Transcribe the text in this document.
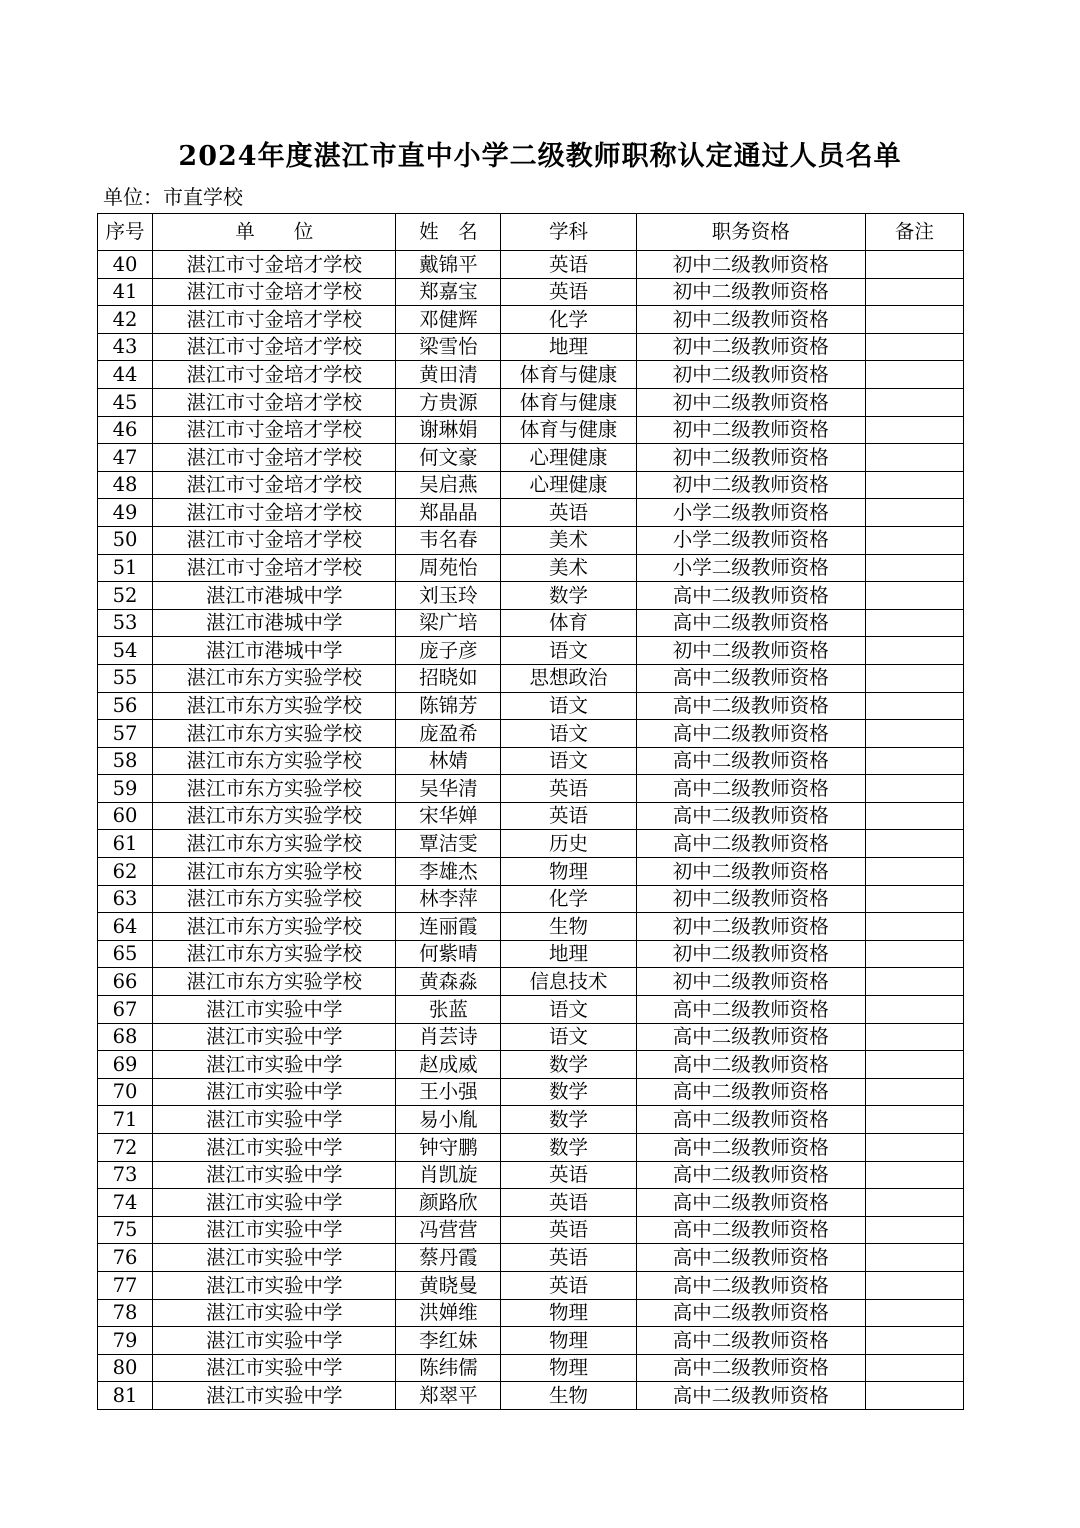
2024年度湛江市直中小学二级教师职称认定通过人员名单
单位：市直学校
序号	单　　位	姓　名	学科	职务资格	备注
40	湛江市寸金培才学校	戴锦平	英语	初中二级教师资格	
41	湛江市寸金培才学校	郑嘉宝	英语	初中二级教师资格	
42	湛江市寸金培才学校	邓健辉	化学	初中二级教师资格	
43	湛江市寸金培才学校	梁雪怡	地理	初中二级教师资格	
44	湛江市寸金培才学校	黄田清	体育与健康	初中二级教师资格	
45	湛江市寸金培才学校	方贵源	体育与健康	初中二级教师资格	
46	湛江市寸金培才学校	谢琳娟	体育与健康	初中二级教师资格	
47	湛江市寸金培才学校	何文豪	心理健康	初中二级教师资格	
48	湛江市寸金培才学校	吴启燕	心理健康	初中二级教师资格	
49	湛江市寸金培才学校	郑晶晶	英语	小学二级教师资格	
50	湛江市寸金培才学校	韦名春	美术	小学二级教师资格	
51	湛江市寸金培才学校	周苑怡	美术	小学二级教师资格	
52	湛江市港城中学	刘玉玲	数学	高中二级教师资格	
53	湛江市港城中学	梁广培	体育	高中二级教师资格	
54	湛江市港城中学	庞子彦	语文	初中二级教师资格	
55	湛江市东方实验学校	招晓如	思想政治	高中二级教师资格	
56	湛江市东方实验学校	陈锦芳	语文	高中二级教师资格	
57	湛江市东方实验学校	庞盈希	语文	高中二级教师资格	
58	湛江市东方实验学校	林婧	语文	高中二级教师资格	
59	湛江市东方实验学校	吴华清	英语	高中二级教师资格	
60	湛江市东方实验学校	宋华婵	英语	高中二级教师资格	
61	湛江市东方实验学校	覃洁雯	历史	高中二级教师资格	
62	湛江市东方实验学校	李雄杰	物理	初中二级教师资格	
63	湛江市东方实验学校	林李萍	化学	初中二级教师资格	
64	湛江市东方实验学校	连丽霞	生物	初中二级教师资格	
65	湛江市东方实验学校	何紫晴	地理	初中二级教师资格	
66	湛江市东方实验学校	黄森淼	信息技术	初中二级教师资格	
67	湛江市实验中学	张蓝	语文	高中二级教师资格	
68	湛江市实验中学	肖芸诗	语文	高中二级教师资格	
69	湛江市实验中学	赵成威	数学	高中二级教师资格	
70	湛江市实验中学	王小强	数学	高中二级教师资格	
71	湛江市实验中学	易小胤	数学	高中二级教师资格	
72	湛江市实验中学	钟守鹏	数学	高中二级教师资格	
73	湛江市实验中学	肖凯旋	英语	高中二级教师资格	
74	湛江市实验中学	颜路欣	英语	高中二级教师资格	
75	湛江市实验中学	冯营营	英语	高中二级教师资格	
76	湛江市实验中学	蔡丹霞	英语	高中二级教师资格	
77	湛江市实验中学	黄晓曼	英语	高中二级教师资格	
78	湛江市实验中学	洪婵维	物理	高中二级教师资格	
79	湛江市实验中学	李红妹	物理	高中二级教师资格	
80	湛江市实验中学	陈纬儒	物理	高中二级教师资格	
81	湛江市实验中学	郑翠平	生物	高中二级教师资格	
